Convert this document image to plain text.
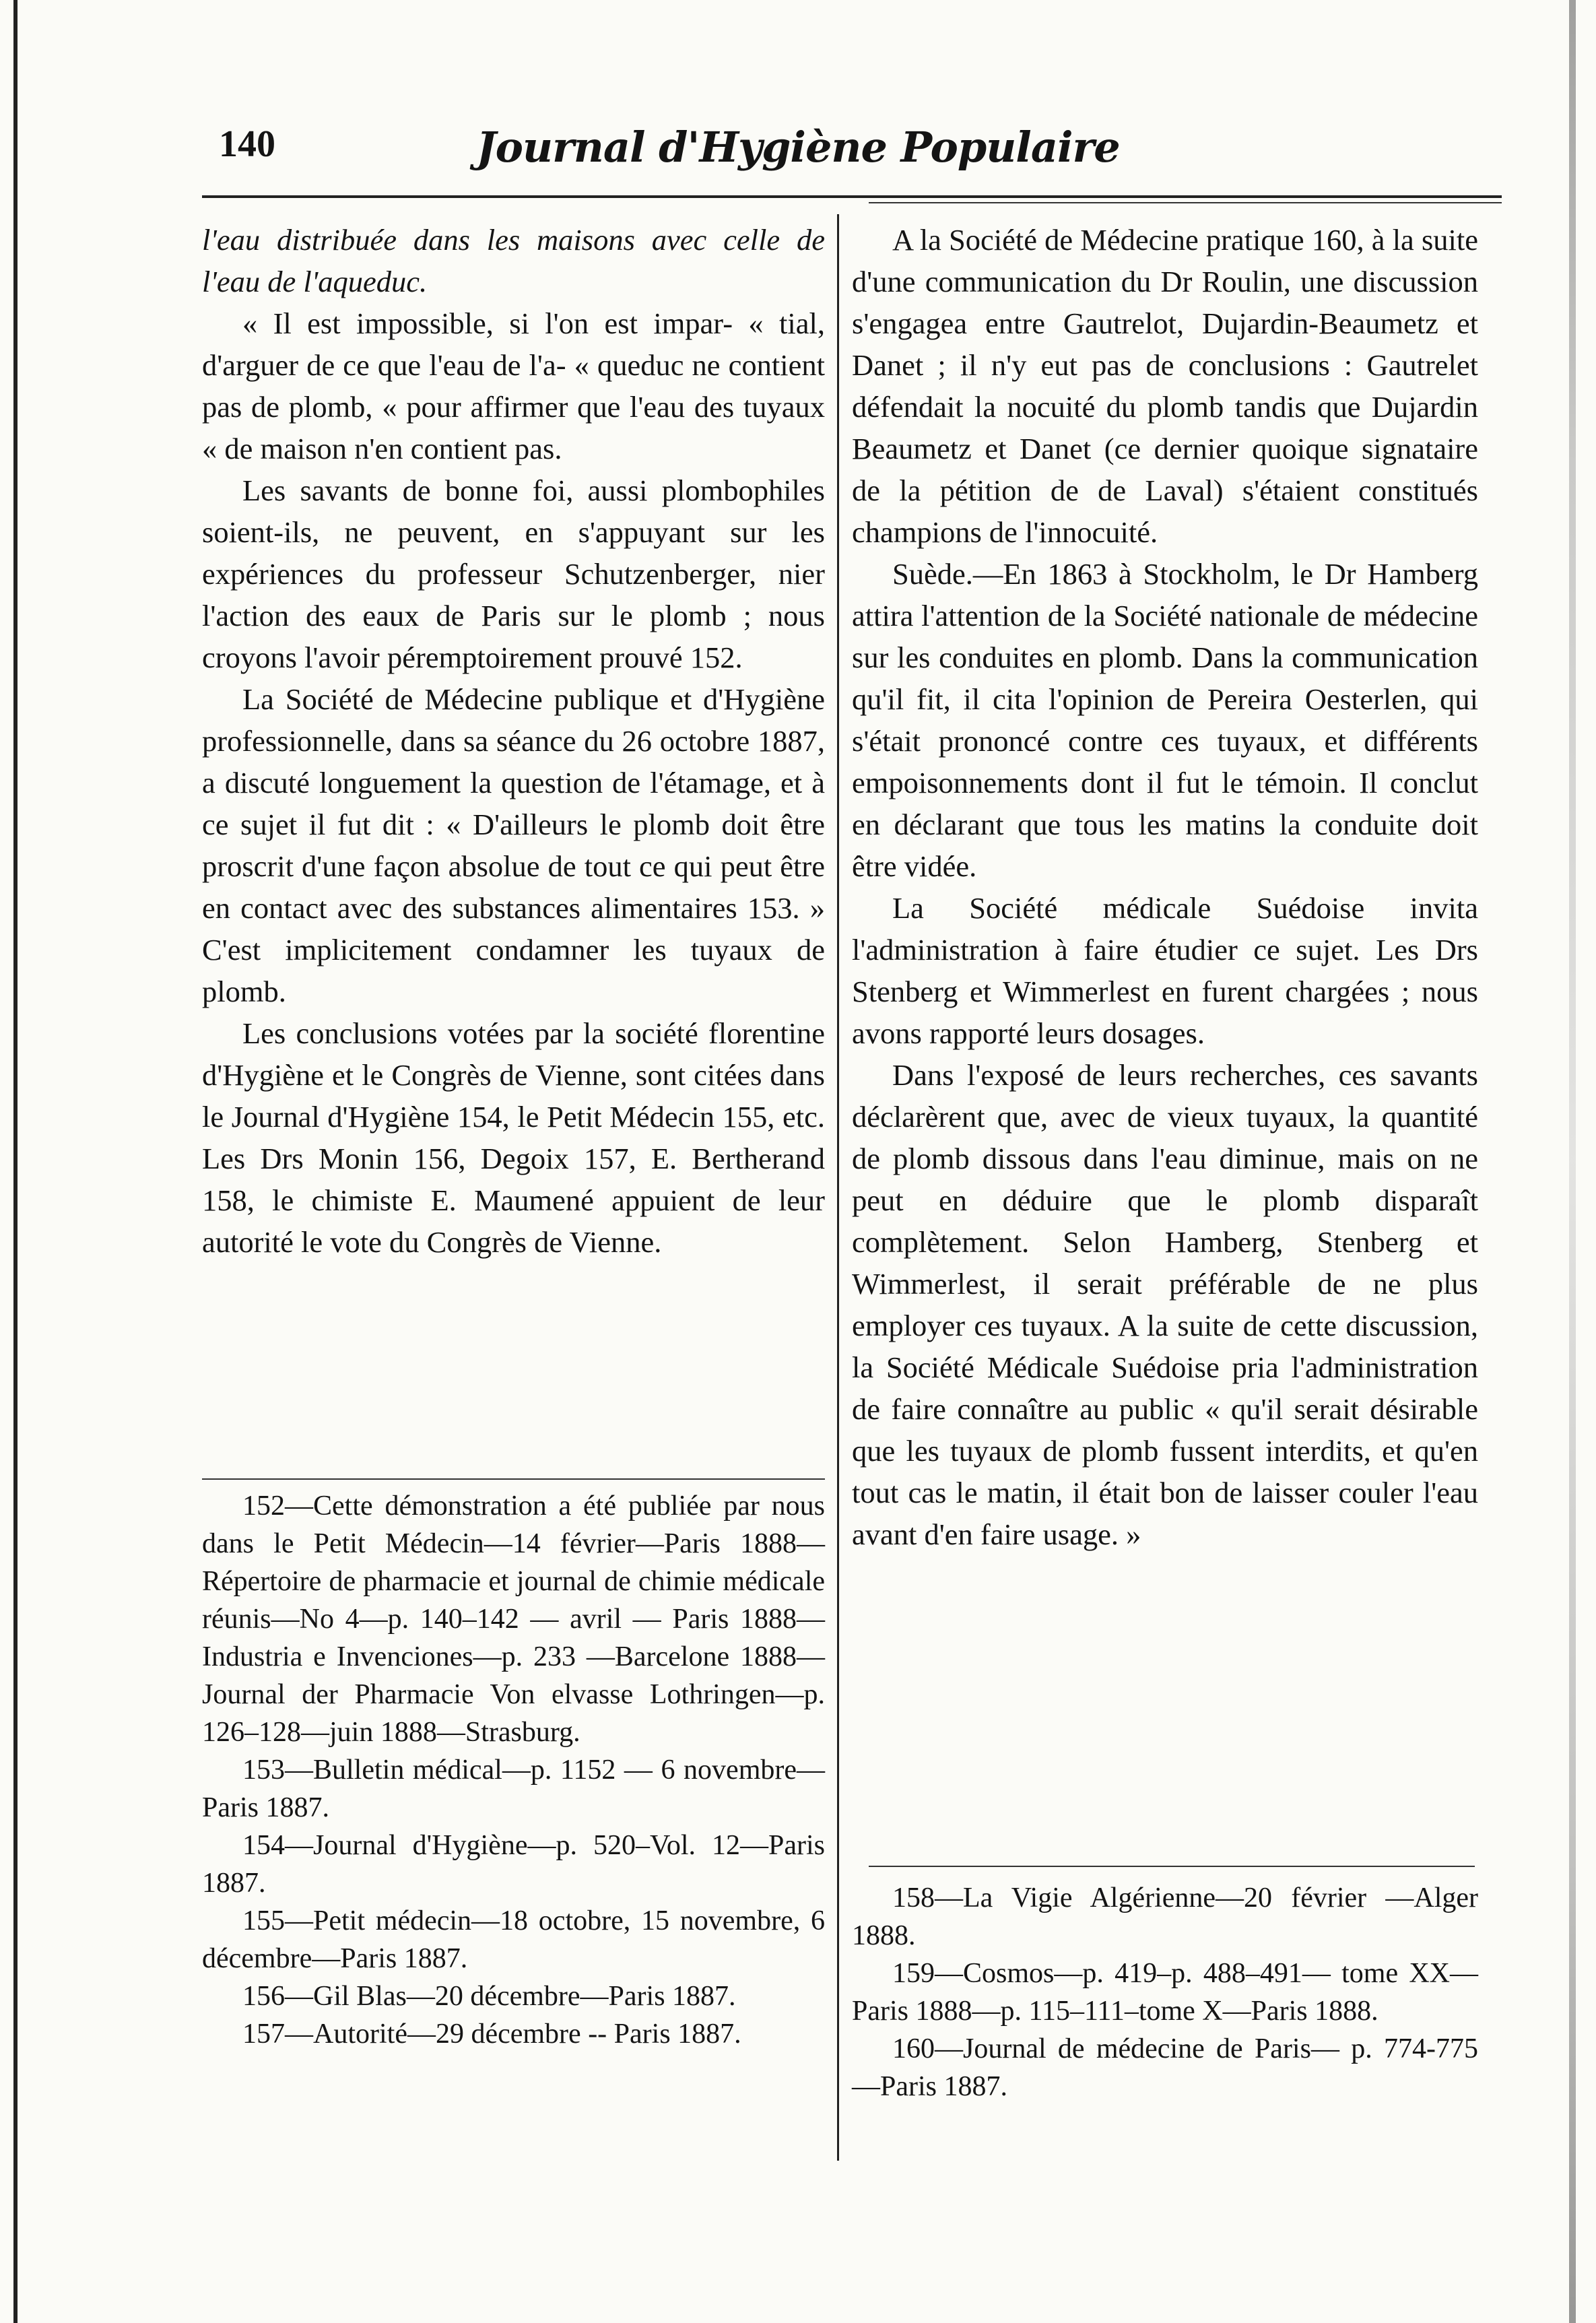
140	Journal d'Hygiène Populaire

l'eau distribuée dans les maisons avec celle de l'eau de l'aqueduc.

« Il est impossible, si l'on est impar- « tial, d'arguer de ce que l'eau de l'a- « queduc ne contient pas de plomb, « pour affirmer que l'eau des tuyaux « de maison n'en contient pas.

Les savants de bonne foi, aussi plombophiles soient-ils, ne peuvent, en s'appuyant sur les expériences du professeur Schutzenberger, nier l'action des eaux de Paris sur le plomb ; nous croyons l'avoir péremptoirement prouvé 152.

La Société de Médecine publique et d'Hygiène professionnelle, dans sa séance du 26 octobre 1887, a discuté longuement la question de l'étamage, et à ce sujet il fut dit : « D'ailleurs le plomb doit être proscrit d'une façon absolue de tout ce qui peut être en contact avec des substances alimentaires 153. » C'est implicitement condamner les tuyaux de plomb.

Les conclusions votées par la société florentine d'Hygiène et le Congrès de Vienne, sont citées dans le Journal d'Hygiène 154, le Petit Médecin 155, etc. Les Drs Monin 156, Degoix 157, E. Bertherand 158, le chimiste E. Maumené appuient de leur autorité le vote du Congrès de Vienne.

152—Cette démonstration a été publiée par nous dans le Petit Médecin—14 février—Paris 1888—Répertoire de pharmacie et journal de chimie médicale réunis—No 4—p. 140–142 — avril — Paris 1888—Industria e Invenciones—p. 233 —Barcelone 1888—Journal der Pharmacie Von elvasse Lothringen—p. 126–128—juin 1888—Strasburg.

153—Bulletin médical—p. 1152 — 6 novembre—Paris 1887.

154—Journal d'Hygiène—p. 520–Vol. 12—Paris 1887.

155—Petit médecin—18 octobre, 15 novembre, 6 décembre—Paris 1887.

156—Gil Blas—20 décembre—Paris 1887.

157—Autorité—29 décembre -- Paris 1887.

A la Société de Médecine pratique 160, à la suite d'une communication du Dr Roulin, une discussion s'engagea entre Gautrelot, Dujardin-Beaumetz et Danet ; il n'y eut pas de conclusions : Gautrelet défendait la nocuité du plomb tandis que Dujardin Beaumetz et Danet (ce dernier quoique signataire de la pétition de de Laval) s'étaient constitués champions de l'innocuité.

Suède.—En 1863 à Stockholm, le Dr Hamberg attira l'attention de la Société nationale de médecine sur les conduites en plomb. Dans la communication qu'il fit, il cita l'opinion de Pereira Oesterlen, qui s'était prononcé contre ces tuyaux, et différents empoisonnements dont il fut le témoin. Il conclut en déclarant que tous les matins la conduite doit être vidée.

La Société médicale Suédoise invita l'administration à faire étudier ce sujet. Les Drs Stenberg et Wimmerlest en furent chargées ; nous avons rapporté leurs dosages.

Dans l'exposé de leurs recherches, ces savants déclarèrent que, avec de vieux tuyaux, la quantité de plomb dissous dans l'eau diminue, mais on ne peut en déduire que le plomb disparaît complètement. Selon Hamberg, Stenberg et Wimmerlest, il serait préférable de ne plus employer ces tuyaux. A la suite de cette discussion, la Société Médicale Suédoise pria l'administration de faire connaître au public « qu'il serait désirable que les tuyaux de plomb fussent interdits, et qu'en tout cas le matin, il était bon de laisser couler l'eau avant d'en faire usage. »

158—La Vigie Algérienne—20 février —Alger 1888.

159—Cosmos—p. 419–p. 488–491— tome XX—Paris 1888—p. 115–111–tome X—Paris 1888.

160—Journal de médecine de Paris— p. 774-775—Paris 1887.
